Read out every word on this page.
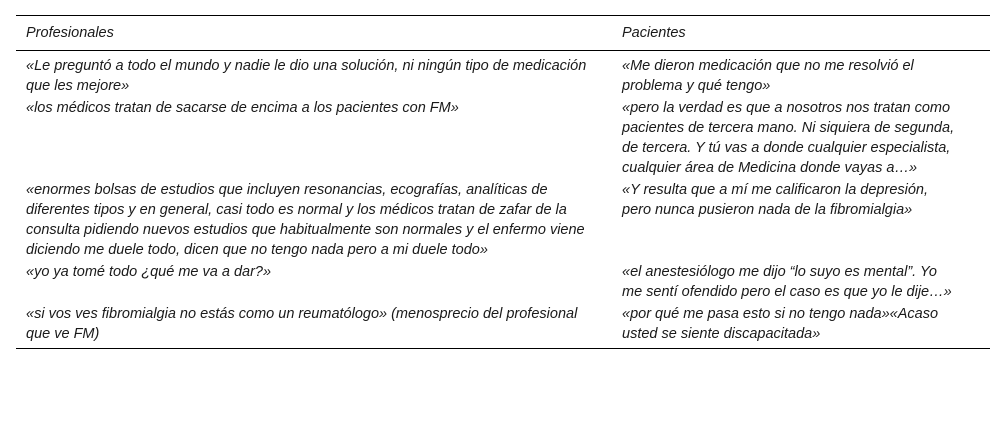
Profesionales	Pacientes
«Le preguntó a todo el mundo y nadie le dio una solución, ni ningún tipo de medicación que les mejore»	«Me dieron medicación que no me resolvió el problema y qué tengo»
«los médicos tratan de sacarse de encima a los pacientes con FM»	«pero la verdad es que a nosotros nos tratan como pacientes de tercera mano. Ni siquiera de segunda, de tercera. Y tú vas a donde cualquier especialista, cualquier área de Medicina donde vayas a…»
«enormes bolsas de estudios que incluyen resonancias, ecografías, analíticas de diferentes tipos y en general, casi todo es normal y los médicos tratan de zafar de la consulta pidiendo nuevos estudios que habitualmente son normales y el enfermo viene diciendo me duele todo, dicen que no tengo nada pero a mi duele todo»	«Y resulta que a mí me calificaron la depresión, pero nunca pusieron nada de la fibromialgia»
«yo ya tomé todo ¿qué me va a dar?»	«el anestesiólogo me dijo “lo suyo es mental”. Yo me sentí ofendido pero el caso es que yo le dije…»
«si vos ves fibromialgia no estás como un reumatólogo» (menosprecio del profesional que ve FM)	«por qué me pasa esto si no tengo nada»«Acaso usted se siente discapacitada»
